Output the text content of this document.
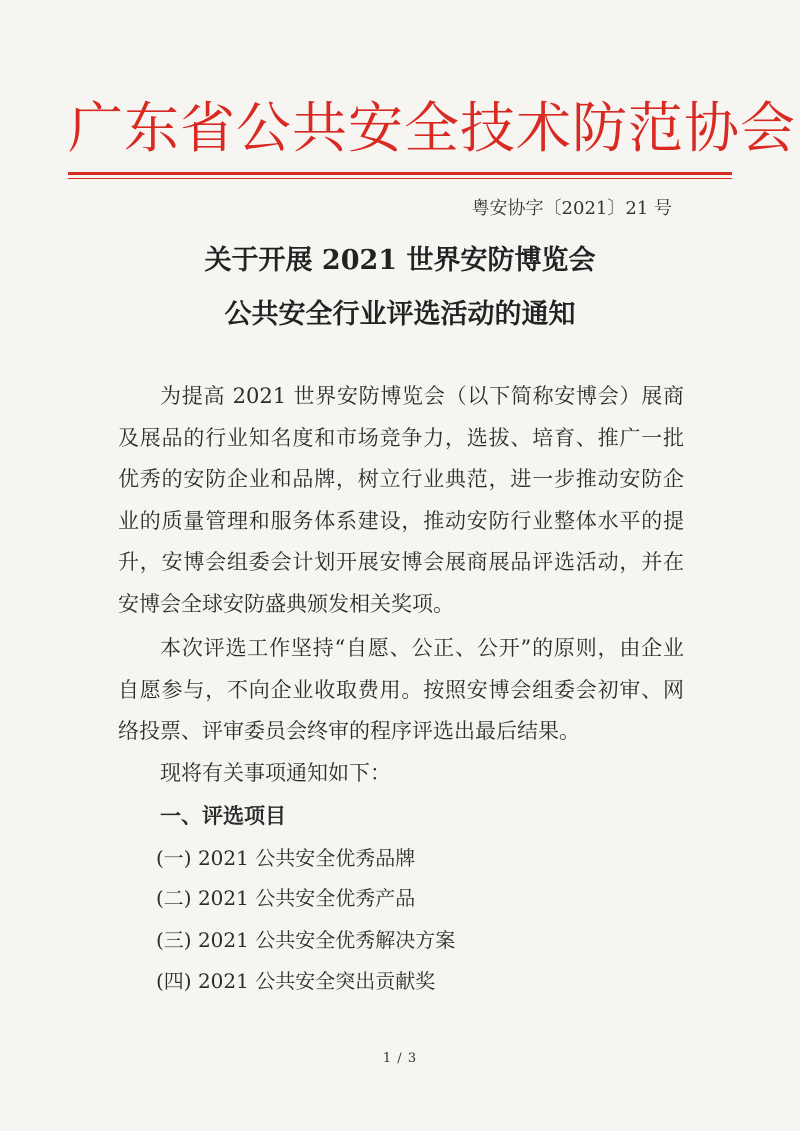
广东省公共安全技术防范协会
粤安协字〔2021〕21 号
关于开展 2021 世界安防博览会
公共安全行业评选活动的通知
为提高 2021 世界安防博览会（以下简称安博会）展商及展品的行业知名度和市场竞争力，选拔、培育、推广一批优秀的安防企业和品牌，树立行业典范，进一步推动安防企业的质量管理和服务体系建设，推动安防行业整体水平的提升，安博会组委会计划开展安博会展商展品评选活动，并在安博会全球安防盛典颁发相关奖项。
本次评选工作坚持“自愿、公正、公开”的原则，由企业自愿参与，不向企业收取费用。按照安博会组委会初审、网络投票、评审委员会终审的程序评选出最后结果。
现将有关事项通知如下：
一、评选项目
(一) 2021 公共安全优秀品牌
(二) 2021 公共安全优秀产品
(三) 2021 公共安全优秀解决方案
(四) 2021 公共安全突出贡献奖
1 / 3
